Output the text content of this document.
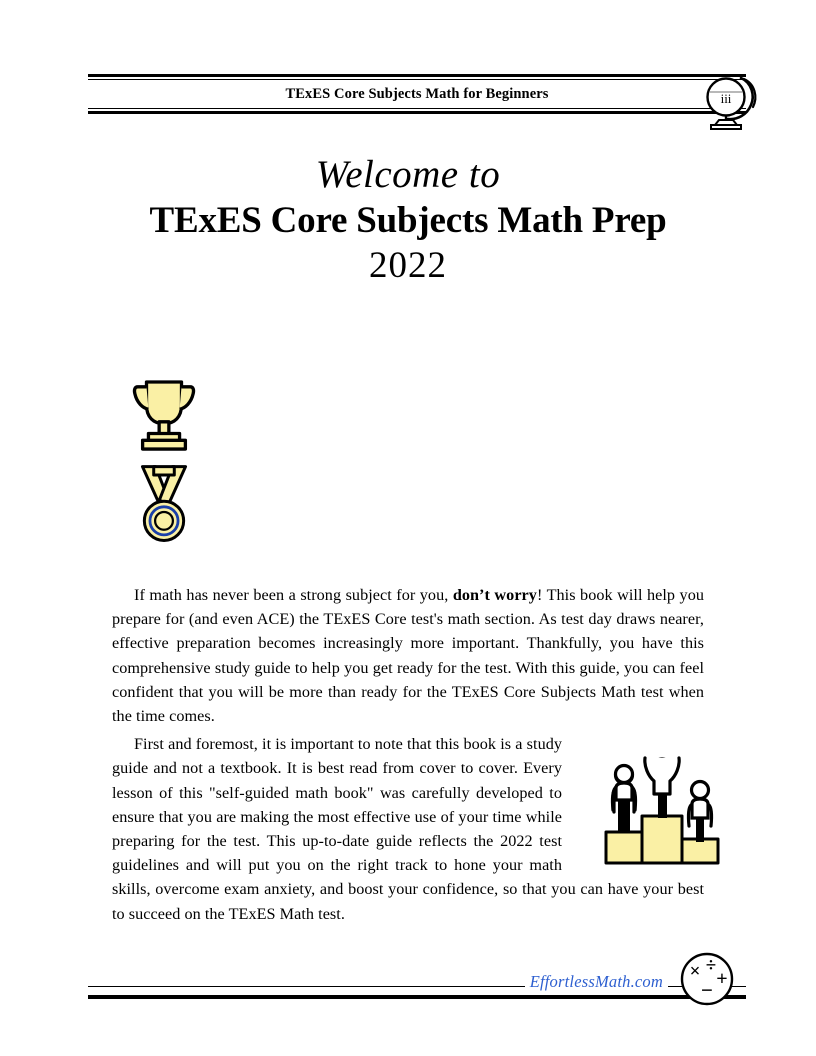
TExES Core Subjects Math for Beginners	iii
Welcome to
TExES Core Subjects Math Prep
2022
Thank you for choosing Effortless Math for your TExES Core Subjects Math test preparation and congratulations on making the decision to take the TExES Core test! It's a remarkable move you are taking, one that shouldn’t be diminished in any capacity. That's why you need to use every tool possible to ensure you succeed on the test with the highest possible score, and this extensive study guide is one such tool.

If math has never been a strong subject for you, don’t worry! This book will help you prepare for (and even ACE) the TExES Core test's math section. As test day draws nearer, effective preparation becomes increasingly more important. Thankfully, you have this comprehensive study guide to help you get ready for the test. With this guide, you can feel confident that you will be more than ready for the TExES Core Subjects Math test when the time comes.

First and foremost, it is important to note that this book is a study guide and not a textbook. It is best read from cover to cover. Every lesson of this "self-guided math book" was carefully developed to ensure that you are making the most effective use of your time while preparing for the test. This up-to-date guide reflects the 2022 test guidelines and will put you on the right track to hone your math skills, overcome exam anxiety, and boost your confidence, so that you can have your best to succeed on the TExES Math test.

EffortlessMath.com × ÷
+
−
